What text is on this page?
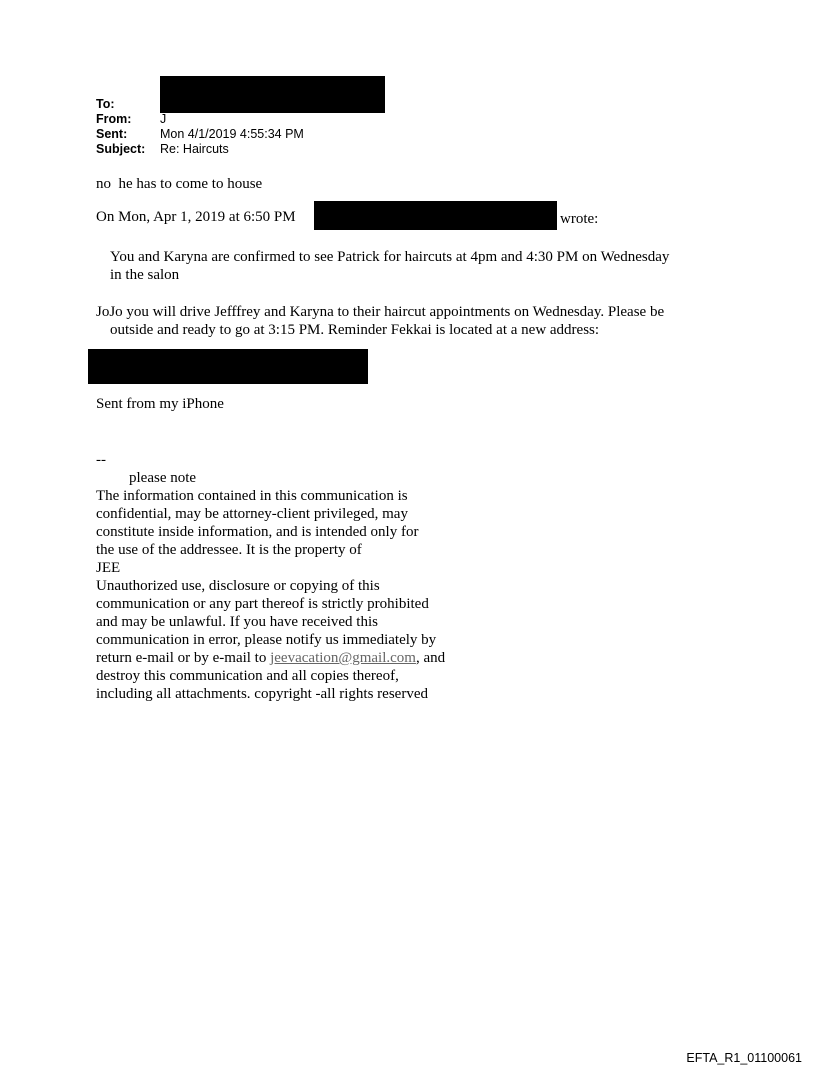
To:
From:	J
Sent:	Mon 4/1/2019 4:55:34 PM
Subject:	Re: Haircuts
no  he has to come to house
On Mon, Apr 1, 2019 at 6:50 PM	wrote:
You and Karyna are confirmed to see Patrick for haircuts at 4pm and 4:30 PM on Wednesday
in the salon
JoJo you will drive Jefffrey and Karyna to their haircut appointments on Wednesday. Please be
outside and ready to go at 3:15 PM. Reminder Fekkai is located at a new address:
Sent from my iPhone
--
please note
The information contained in this communication is
confidential, may be attorney-client privileged, may
constitute inside information, and is intended only for
the use of the addressee. It is the property of
JEE
Unauthorized use, disclosure or copying of this
communication or any part thereof is strictly prohibited
and may be unlawful. If you have received this
communication in error, please notify us immediately by
return e-mail or by e-mail to jeevacation@gmail.com, and
destroy this communication and all copies thereof,
including all attachments. copyright -all rights reserved
EFTA_R1_01100061
